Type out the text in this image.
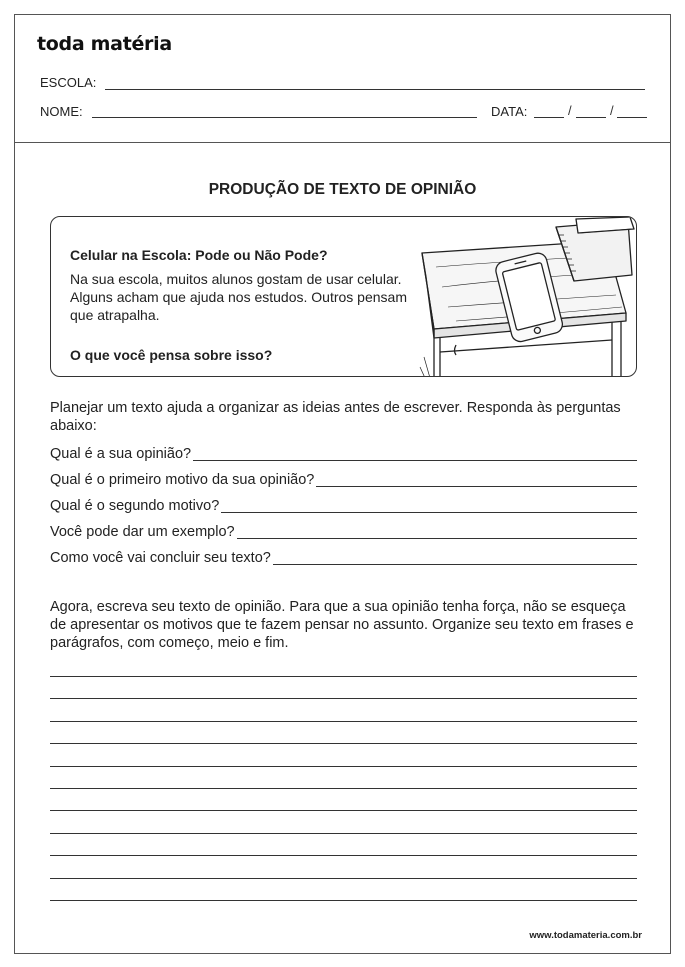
toda matéria
ESCOLA:
NOME:	DATA:	/	/
PRODUÇÃO DE TEXTO DE OPINIÃO
Celular na Escola: Pode ou Não Pode?
Na sua escola, muitos alunos gostam de usar celular. Alguns acham que ajuda nos estudos. Outros pensam que atrapalha.
O que você pensa sobre isso?
Planejar um texto ajuda a organizar as ideias antes de escrever. Responda às perguntas abaixo:
Qual é a sua opinião?
Qual é o primeiro motivo da sua opinião?
Qual é o segundo motivo?
Você pode dar um exemplo?
Como você vai concluir seu texto?
Agora, escreva seu texto de opinião. Para que a sua opinião tenha força, não se esqueça de apresentar os motivos que te fazem pensar no assunto. Organize seu texto em frases e parágrafos, com começo, meio e fim.
www.todamateria.com.br
